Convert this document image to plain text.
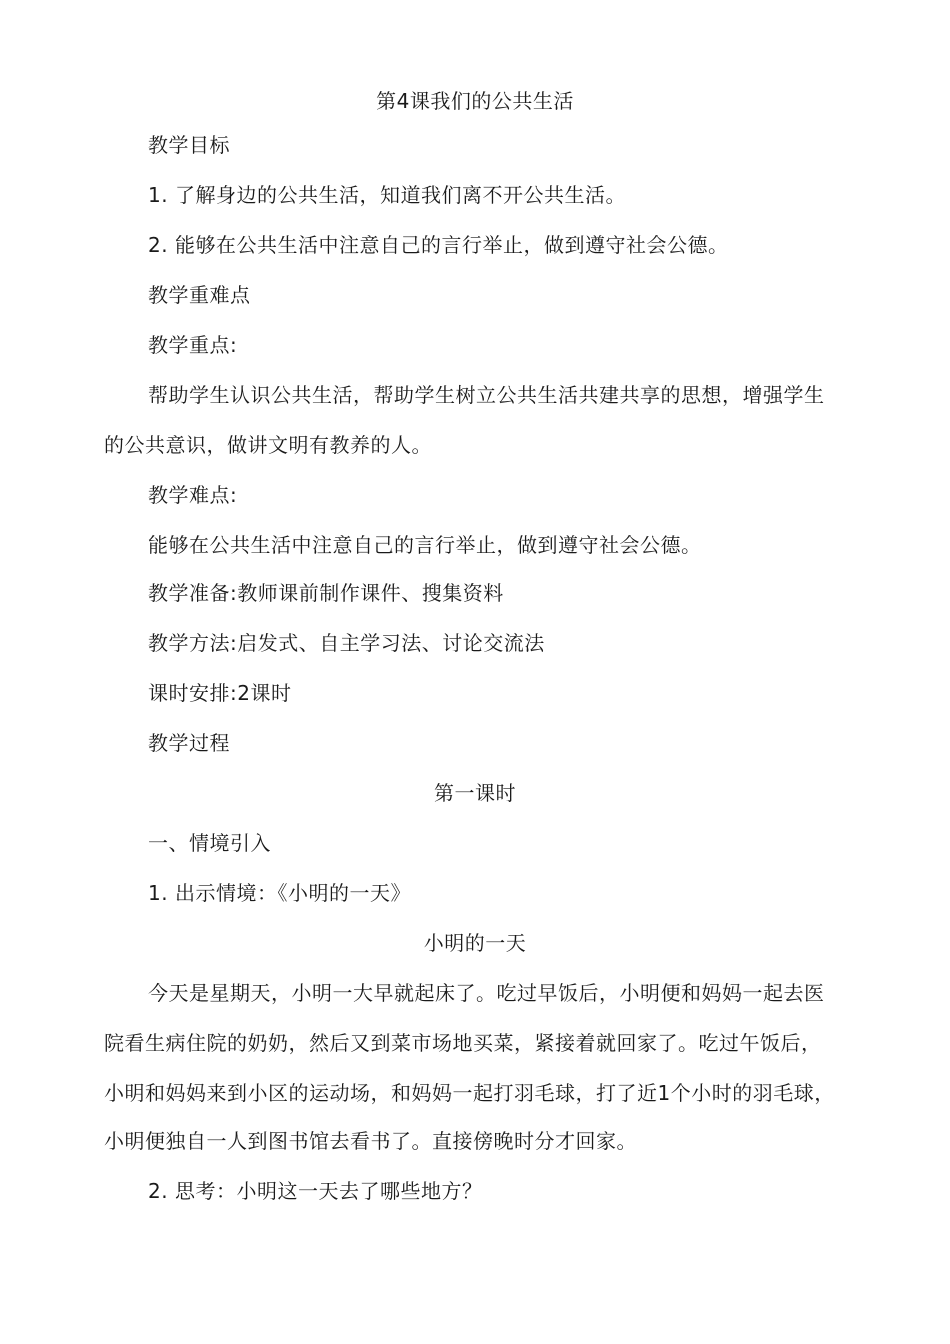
第4课我们的公共生活
教学目标
1. 了解身边的公共生活，知道我们离不开公共生活。
2. 能够在公共生活中注意自己的言行举止，做到遵守社会公德。
教学重难点
教学重点:
帮助学生认识公共生活，帮助学生树立公共生活共建共享的思想，增强学生
的公共意识，做讲文明有教养的人。
教学难点:
能够在公共生活中注意自己的言行举止，做到遵守社会公德。
教学准备:教师课前制作课件、搜集资料
教学方法:启发式、自主学习法、讨论交流法
课时安排:2课时
教学过程
第一课时
一、情境引入
1. 出示情境：《小明的一天》
小明的一天
今天是星期天，小明一大早就起床了。吃过早饭后，小明便和妈妈一起去医
院看生病住院的奶奶，然后又到菜市场地买菜，紧接着就回家了。吃过午饭后，
小明和妈妈来到小区的运动场，和妈妈一起打羽毛球，打了近1个小时的羽毛球，
小明便独自一人到图书馆去看书了。直接傍晚时分才回家。
2. 思考：小明这一天去了哪些地方？
